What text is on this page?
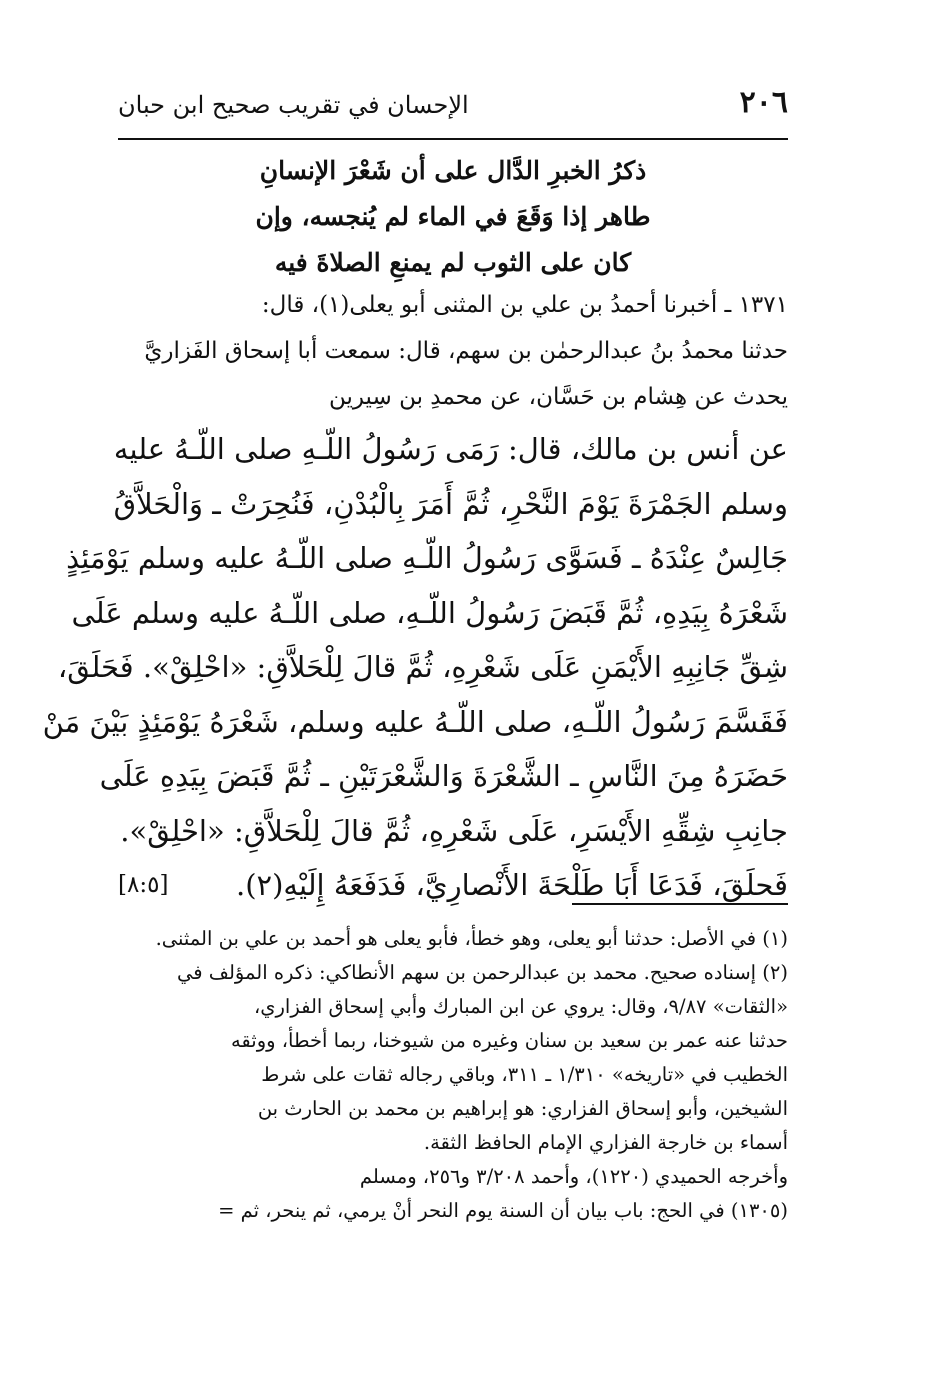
٢٠٦
الإحسان في تقريب صحيح ابن حبان
ذكرُ الخبرِ الدَّال على أن شَعْرَ الإنسانِ
طاهر إذا وَقَعَ في الماء لم يُنجسه، وإن
كان على الثوب لم يمنعِ الصلاةَ فيه
١٣٧١ ـ أخبرنا أحمدُ بن علي بن المثنى أبو يعلى(١)، قال:
حدثنا محمدُ بنُ عبدالرحمٰن بن سهم، قال: سمعت أبا إسحاق الفَزاريَّ
يحدث عن هِشام بن حَسَّان، عن محمدِ بن سِيرين
عن أنس بن مالك، قال: رَمَى رَسُولُ اللّـهِ صلى اللّـهُ عليه
وسلم الجَمْرَةَ يَوْمَ النَّحْرِ، ثُمَّ أَمَرَ بِالْبُدْنِ، فَنُحِرَتْ ـ وَالْحَلاَّقُ
جَالِسٌ عِنْدَهُ ـ فَسَوَّى رَسُولُ اللّـهِ صلى اللّـهُ عليه وسلم يَوْمَئِذٍ
شَعْرَهُ بِيَدِهِ، ثُمَّ قَبَضَ رَسُولُ اللّـهِ، صلى اللّـهُ عليه وسلم عَلَى
شِقِّ جَانِبِهِ الأَيْمَنِ عَلَى شَعْرِهِ، ثُمَّ قالَ لِلْحَلاَّقِ: «احْلِقْ». فَحَلَقَ،
فَقَسَّمَ رَسُولُ اللّـهِ، صلى اللّـهُ عليه وسلم، شَعْرَهُ يَوْمَئِذٍ بَيْنَ مَنْ
حَضَرَهُ مِنَ النَّاسِ ـ الشَّعْرَةَ وَالشَّعْرَتَيْنِ ـ ثُمَّ قَبَضَ بِيَدِهِ عَلَى
جانِبِ شِقِّهِ الأَيْسَرِ، عَلَى شَعْرِهِ، ثُمَّ قالَ لِلْحَلاَّقِ: «احْلِقْ».
فَحلَقَ، فَدَعَا أَبَا طَلْحَةَ الأَنْصارِيَّ، فَدَفَعَهُ إِلَيْهِ(٢).
[٨:٥]
(١) في الأصل: حدثنا أبو يعلى، وهو خطأ، فأبو يعلى هو أحمد بن علي بن المثنى.
(٢) إسناده صحيح. محمد بن عبدالرحمن بن سهم الأنطاكي: ذكره المؤلف في
«الثقات» ٩/٨٧، وقال: يروي عن ابن المبارك وأبي إسحاق الفزاري،
حدثنا عنه عمر بن سعيد بن سنان وغيره من شيوخنا، ربما أخطأ، ووثقه
الخطيب في «تاريخه» ١/٣١٠ ـ ٣١١، وباقي رجاله ثقات على شرط
الشيخين، وأبو إسحاق الفزاري: هو إبراهيم بن محمد بن الحارث بن
أسماء بن خارجة الفزاري الإمام الحافظ الثقة.
وأخرجه الحميدي (١٢٢٠)، وأحمد ٣/٢٠٨ و٢٥٦، ومسلم
(١٣٠٥) في الحج: باب بيان أن السنة يوم النحر أنْ يرمي، ثم ينحر، ثم =
